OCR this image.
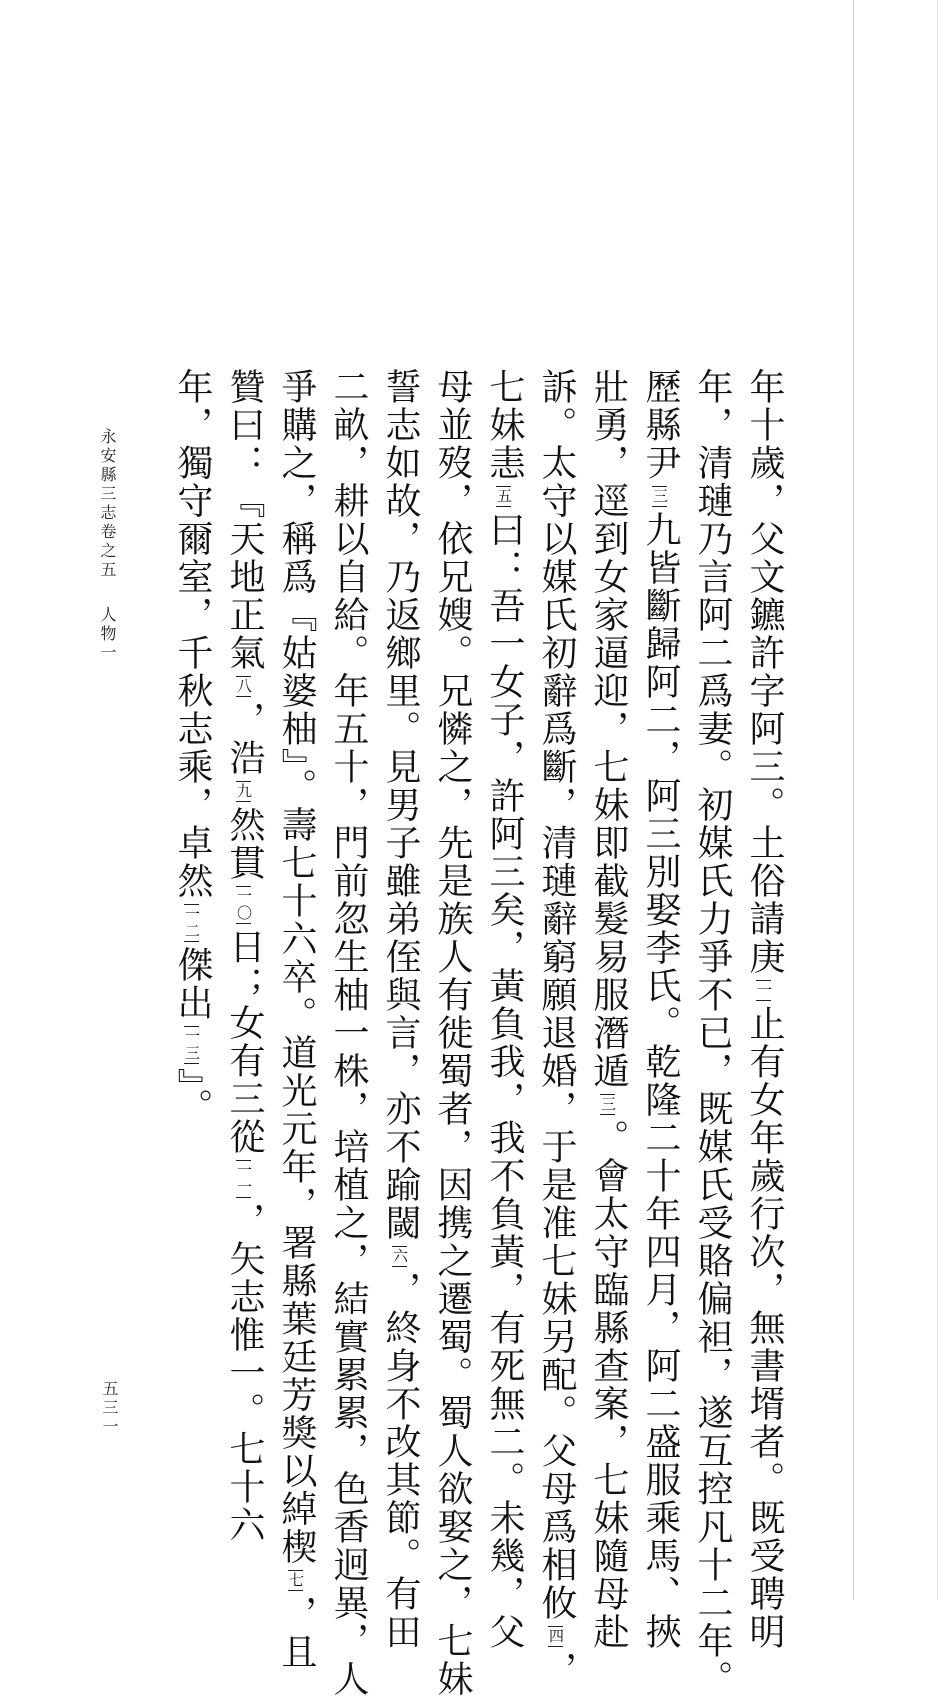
年十歲，父文鑣許字阿三。土俗請庚一止有女年歲行次，無書壻者。既受聘明
年，清璉乃言阿二爲妻。初媒氏力爭不已，既媒氏受賂偏袒，遂互控凡十二年。
歷縣尹三九皆斷歸阿二，阿三別娶李氏。乾隆二十年四月，阿二盛服乘馬、挾
壯勇，逕到女家逼迎，七妹即截髮易服潛遁三。會太守臨縣查案，七妹隨母赴
訴。太守以媒氏初辭爲斷，清璉辭窮願退婚，于是准七妹另配。父母爲相攸四，
七妹恚五曰：吾一女子，許阿三矣，黃負我，我不負黃，有死無二。未幾，父
母並歿，依兄嫂。兄憐之，先是族人有徙蜀者，因携之遷蜀。蜀人欲娶之，七妹
誓志如故，乃返鄉里。見男子雖弟侄與言，亦不踰閾六，終身不改其節。有田
二畝，耕以自給。年五十，門前忽生柚一株，培植之，結實累累，色香迥異，人
爭購之，稱爲『姑婆柚』。壽七十六卒。道光元年，署縣葉廷芳獎以綽楔七，且
贊曰：『天地正氣八，浩九然貫一〇日；女有三從一一，矢志惟一。七十六
年，獨守爾室，千秋志乘，卓然一二傑出一三』。
永安縣三志卷之五人物一
五三一
